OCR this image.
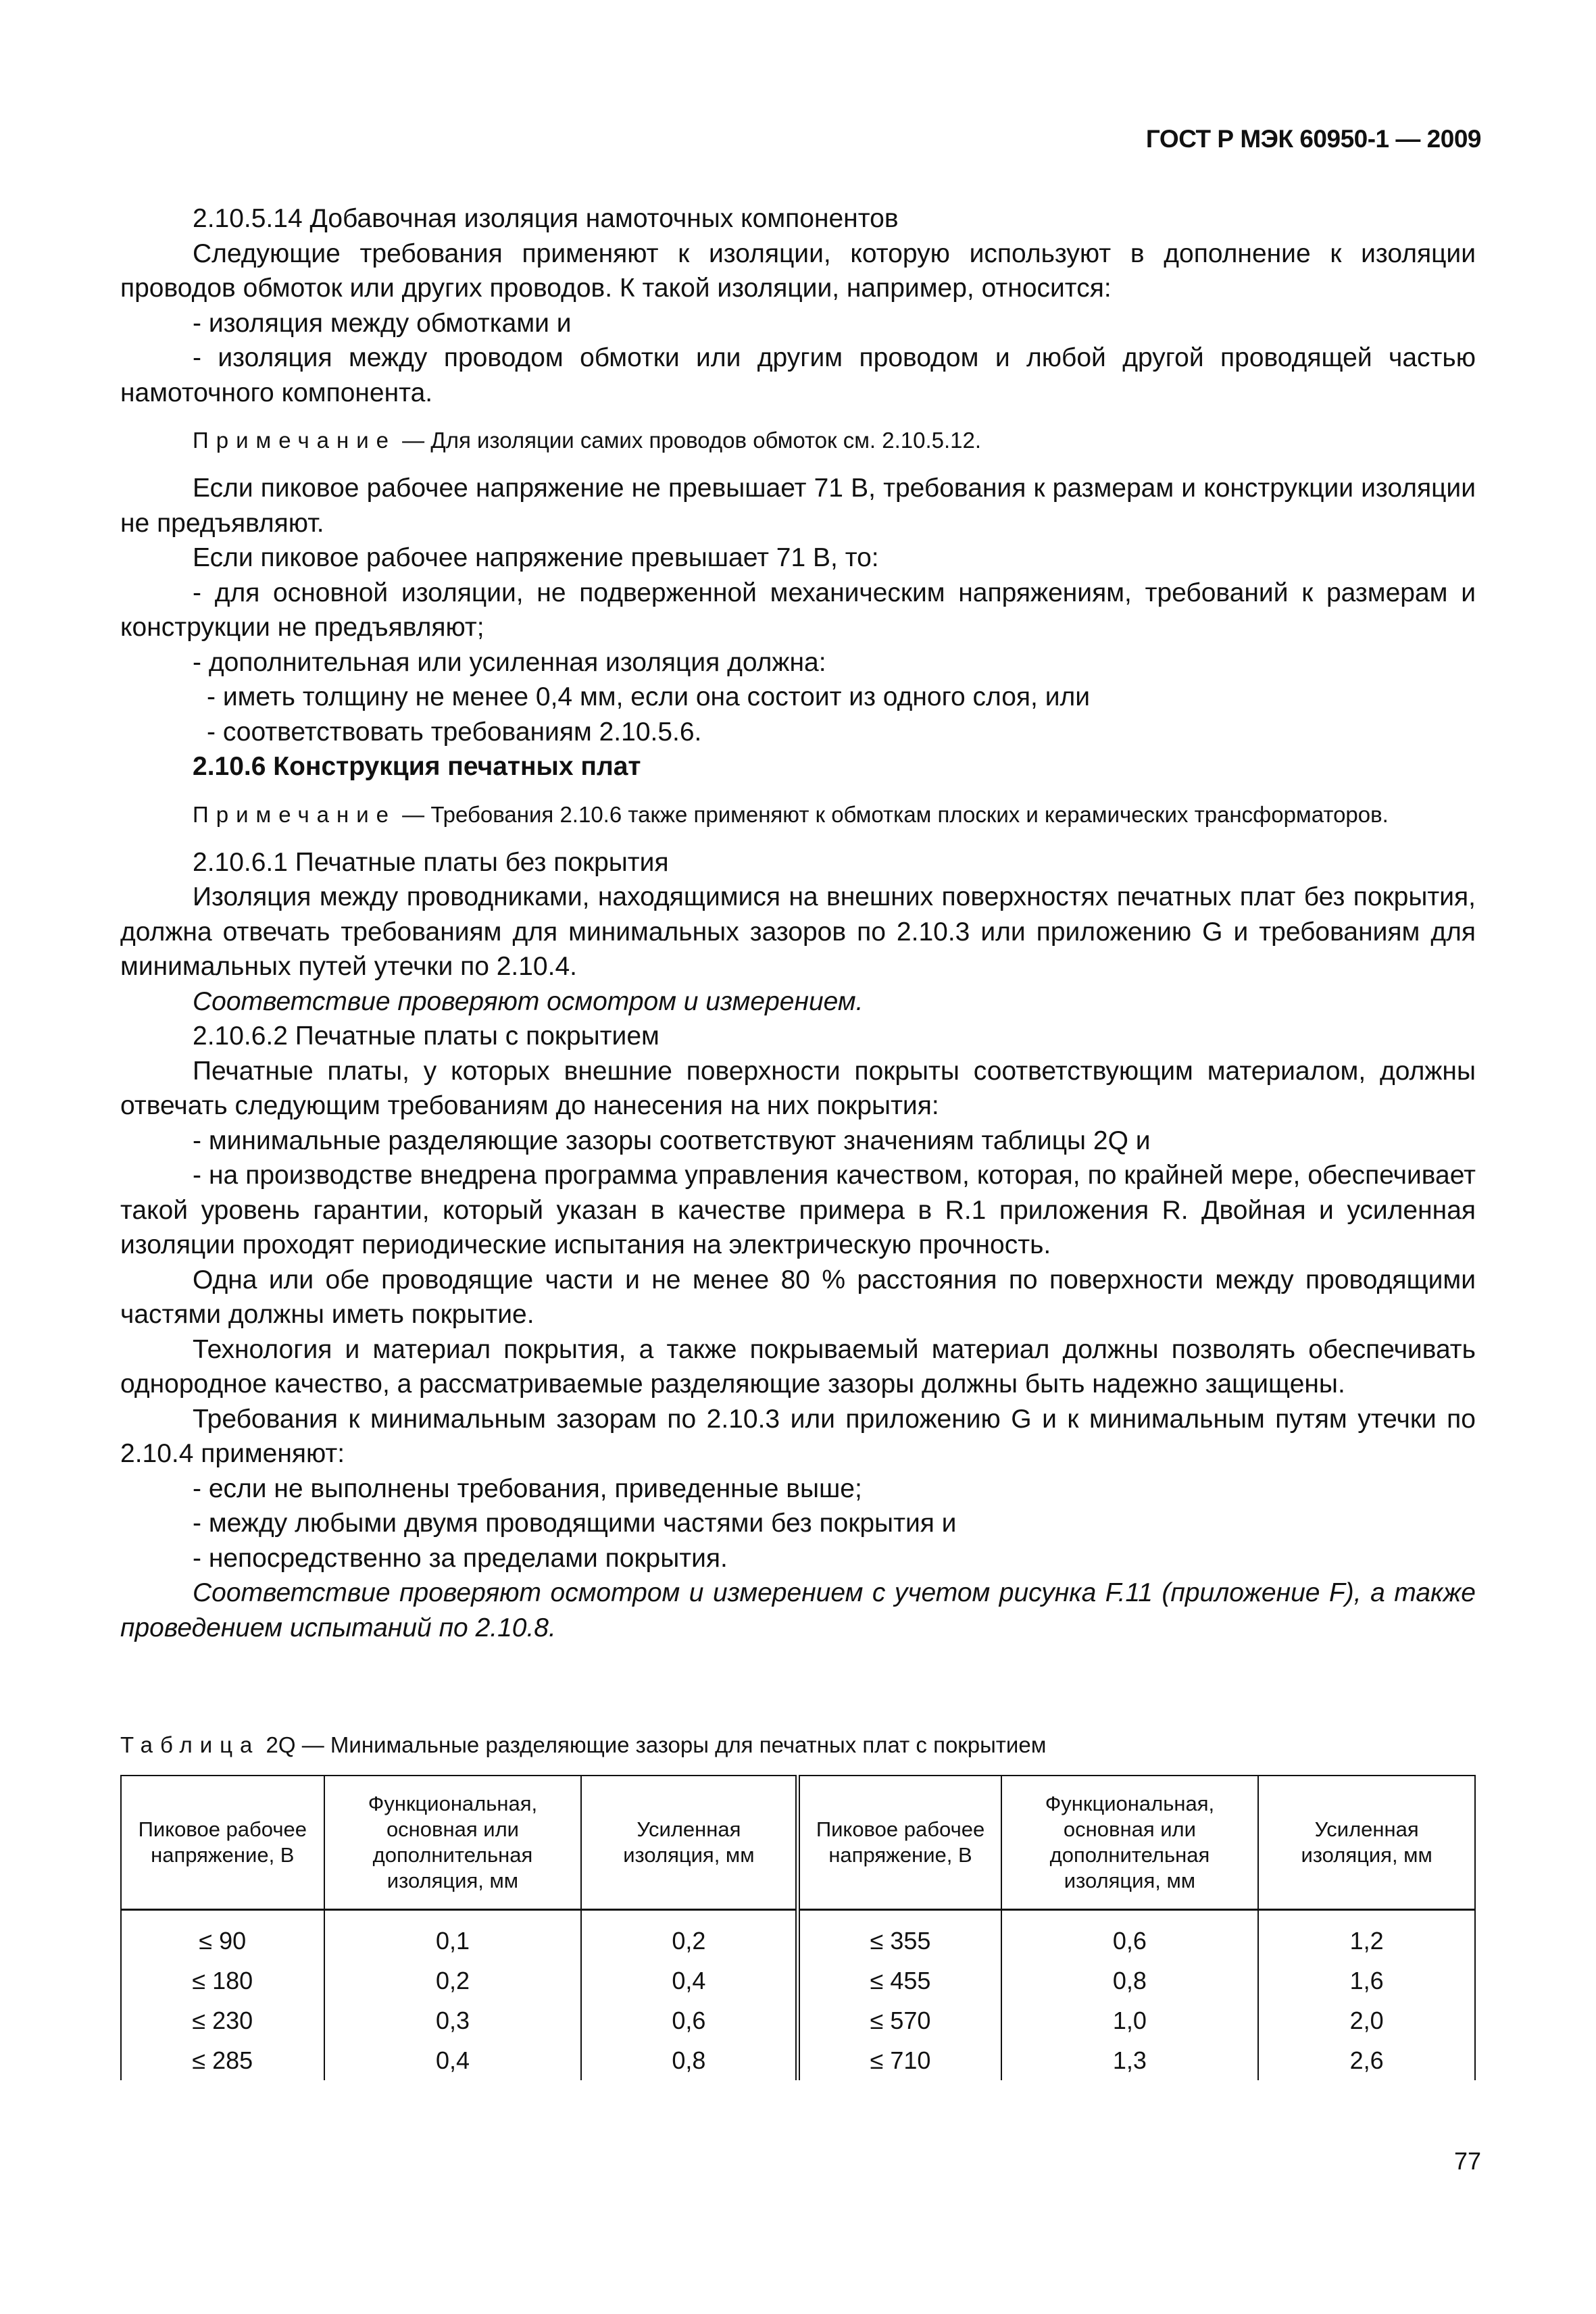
ГОСТ Р МЭК 60950-1 — 2009

2.10.5.14 Добавочная изоляция намоточных компонентов

Следующие требования применяют к изоляции, которую используют в дополнение к изоляции проводов обмоток или других проводов. К такой изоляции, например, относится:

- изоляция между обмотками и

- изоляция между проводом обмотки или другим проводом и любой другой проводящей частью намоточного компонента.

Примечание — Для изоляции самих проводов обмоток см. 2.10.5.12.

Если пиковое рабочее напряжение не превышает 71 В, требования к размерам и конструкции изоляции не предъявляют.

Если пиковое рабочее напряжение превышает 71 В, то:

- для основной изоляции, не подверженной механическим напряжениям, требований к размерам и конструкции не предъявляют;

- дополнительная или усиленная изоляция должна:

- иметь толщину не менее 0,4 мм, если она состоит из одного слоя, или

- соответствовать требованиям 2.10.5.6.

2.10.6 Конструкция печатных плат

Примечание — Требования 2.10.6 также применяют к обмоткам плоских и керамических трансформаторов.

2.10.6.1 Печатные платы без покрытия

Изоляция между проводниками, находящимися на внешних поверхностях печатных плат без покрытия, должна отвечать требованиям для минимальных зазоров по 2.10.3 или приложению G и требованиям для минимальных путей утечки по 2.10.4.

Соответствие проверяют осмотром и измерением.

2.10.6.2 Печатные платы с покрытием

Печатные платы, у которых внешние поверхности покрыты соответствующим материалом, должны отвечать следующим требованиям до нанесения на них покрытия:

- минимальные разделяющие зазоры соответствуют значениям таблицы 2Q и

- на производстве внедрена программа управления качеством, которая, по крайней мере, обеспечивает такой уровень гарантии, который указан в качестве примера в R.1 приложения R. Двойная и усиленная изоляции проходят периодические испытания на электрическую прочность.

Одна или обе проводящие части и не менее 80 % расстояния по поверхности между проводящими частями должны иметь покрытие.

Технология и материал покрытия, а также покрываемый материал должны позволять обеспечивать однородное качество, а рассматриваемые разделяющие зазоры должны быть надежно защищены.

Требования к минимальным зазорам по 2.10.3 или приложению G и к минимальным путям утечки по 2.10.4 применяют:

- если не выполнены требования, приведенные выше;

- между любыми двумя проводящими частями без покрытия и

- непосредственно за пределами покрытия.

Соответствие проверяют осмотром и измерением с учетом рисунка F.11 (приложение F), а также проведением испытаний по 2.10.8.

Таблица 2Q — Минимальные разделяющие зазоры для печатных плат с покрытием
Пиковое рабочее напряжение, В	Функциональная, основная или дополнительная изоляция, мм	Усиленная изоляция, мм	Пиковое рабочее напряжение, В	Функциональная, основная или дополнительная изоляция, мм	Усиленная изоляция, мм
≤ 90	0,1	0,2	≤ 355	0,6	1,2
≤ 180	0,2	0,4	≤ 455	0,8	1,6
≤ 230	0,3	0,6	≤ 570	1,0	2,0
≤ 285	0,4	0,8	≤ 710	1,3	2,6
77
